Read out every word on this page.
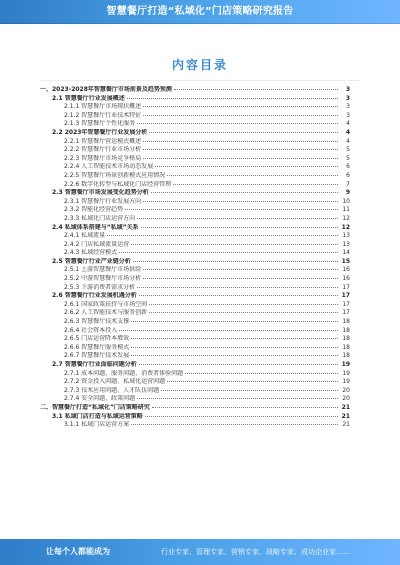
智慧餐厅打造“私域化”门店策略研究报告
内容目录
一、2023-2028年智慧餐厅市场前景及趋势预测	3
2.1 智慧餐厅行业发展概述	3
2.1.1 智慧餐厅市场现状概述	3
2.1.2 智慧餐厅行业技术特征	3
2.1.3 智慧餐厅个性化服务	4
2.2 2023年智慧餐厅行业发展分析	4
2.2.1 智慧餐厅营运模式概述	4
2.2.2 智慧餐厅行业市场分析	5
2.2.3 智慧餐厅市场竞争格局	5
2.2.4 人工智能技术市场动态发展	6
2.2.5 智慧餐厅场景创新模式应用情况	6
2.2.6 数字化转型与私域化门店经营管理	7
2.3 智慧餐厅市场发展变化趋势分析	9
2.3.1 智慧餐厅行业发展方向	10
2.3.2 智能化经营趋势	11
2.3.3 私域化门店运营方向	12
2.4 私域体系搭建与“私域”关系	12
2.4.1 私域流量	13
2.4.2 门店私域流量运营	13
2.4.3 私域经营模式	14
2.5 智慧餐厅行业产业链分析	15
2.5.1 上游智慧餐厅市场供给	16
2.5.2 中游智慧餐厅市场分析	16
2.5.3 下游消费者需求分析	17
2.6 智慧餐厅行业发展机遇分析	17
2.6.1 国家政策扶持与市场空间	17
2.6.2 人工智能技术与服务创新	17
2.6.3 智慧餐厅技术支撑	18
2.6.4 社会资本投入	18
2.6.5 门店运营降本增效	18
2.6.6 智慧餐厅服务模式	18
2.6.7 智慧餐厅技术发展	18
2.7 智慧餐厅行业面临问题分析	19
2.7.1 成本问题、服务问题、消费者体验问题	19
2.7.2 资金投入问题、私域化运营问题	19
2.7.3 技术应用问题、人才队伍问题	20
2.7.4 安全问题、政策问题	20
二、智慧餐厅打造“私域化”门店策略研究	21
3.1 私域门店打造与私域运营策略	21
3.1.1 私域门店运营方案	21
让每个人都能成为	行业专家、管理专家、营销专家、战略专家、成功企业家……
